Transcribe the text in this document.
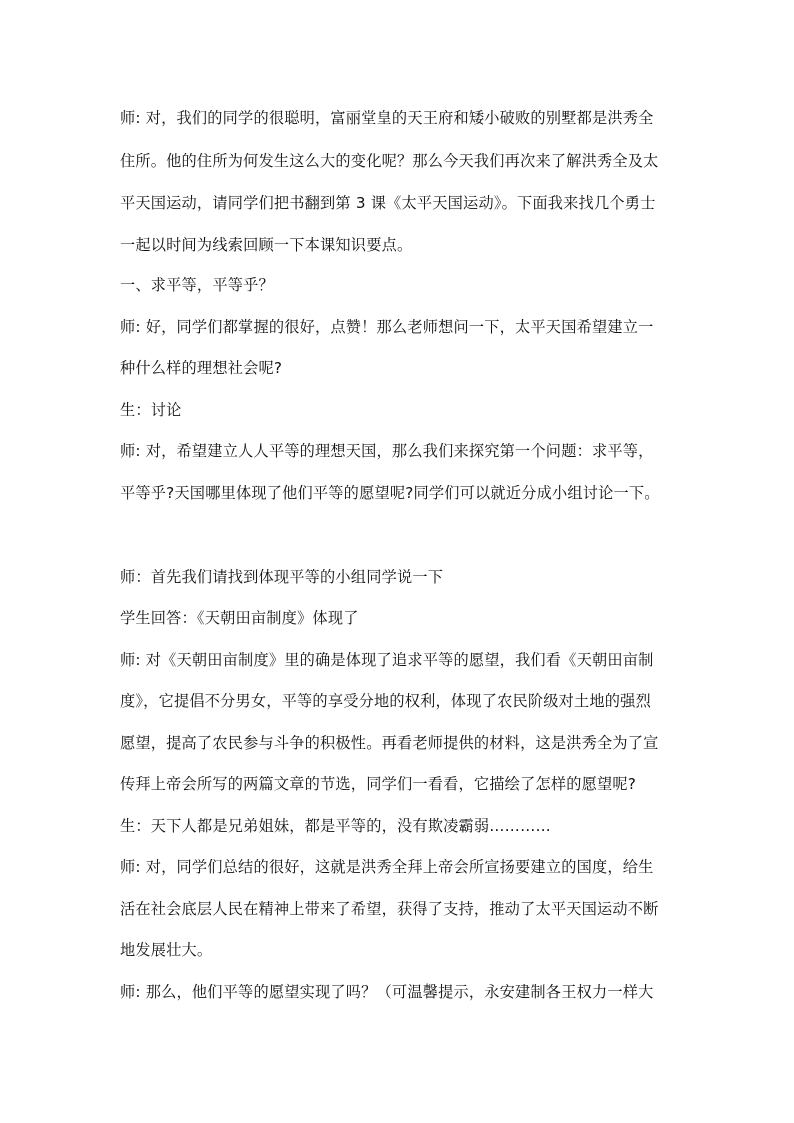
师: 对，我们的同学的很聪明，富丽堂皇的天王府和矮小破败的别墅都是洪秀全
住所。他的住所为何发生这么大的变化呢？那么今天我们再次来了解洪秀全及太
平天国运动，请同学们把书翻到第 3 课《太平天国运动》。下面我来找几个勇士
一起以时间为线索回顾一下本课知识要点。
一、求平等，平等乎？
师: 好，同学们都掌握的很好，点赞！那么老师想问一下，太平天国希望建立一
种什么样的理想社会呢?
生：讨论
师: 对，希望建立人人平等的理想天国，那么我们来探究第一个问题：求平等，
平等乎?天国哪里体现了他们平等的愿望呢?同学们可以就近分成小组讨论一下。
师：首先我们请找到体现平等的小组同学说一下
学生回答：《天朝田亩制度》体现了
师: 对《天朝田亩制度》里的确是体现了追求平等的愿望，我们看《天朝田亩制
度》，它提倡不分男女，平等的享受分地的权利，体现了农民阶级对土地的强烈
愿望，提高了农民参与斗争的积极性。再看老师提供的材料，这是洪秀全为了宣
传拜上帝会所写的两篇文章的节选，同学们一看看，它描绘了怎样的愿望呢?
生：天下人都是兄弟姐妹，都是平等的，没有欺凌霸弱…………
师: 对，同学们总结的很好，这就是洪秀全拜上帝会所宣扬要建立的国度，给生
活在社会底层人民在精神上带来了希望，获得了支持，推动了太平天国运动不断
地发展壮大。
师: 那么，他们平等的愿望实现了吗？（可温馨提示，永安建制各王权力一样大
